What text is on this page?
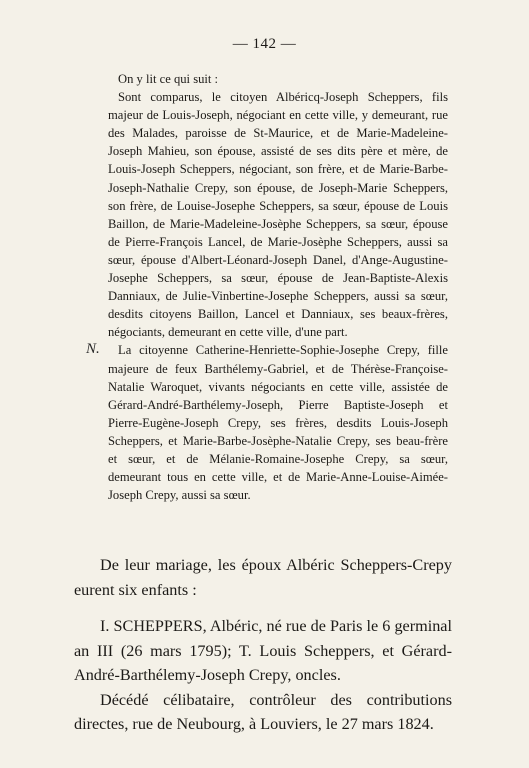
— 142 —

On y lit ce qui suit :

Sont comparus, le citoyen Albéricq-Joseph Scheppers, fils majeur de Louis-Joseph, négociant en cette ville, y demeurant, rue des Malades, paroisse de St-Maurice, et de Marie-Madeleine-Joseph Mahieu, son épouse, assisté de ses dits père et mère, de Louis-Joseph Scheppers, négociant, son frère, et de Marie-Barbe-Joseph-Nathalie Crepy, son épouse, de Joseph-Marie Scheppers, son frère, de Louise-Josephe Scheppers, sa sœur, épouse de Louis Baillon, de Marie-Madeleine-Josèphe Scheppers, sa sœur, épouse de Pierre-François Lancel, de Marie-Josèphe Scheppers, aussi sa sœur, épouse d'Albert-Léonard-Joseph Danel, d'Ange-Augustine-Josephe Scheppers, sa sœur, épouse de Jean-Baptiste-Alexis Danniaux, de Julie-Vinbertine-Josephe Scheppers, aussi sa sœur, desdits citoyens Baillon, Lancel et Danniaux, ses beaux-frères, négociants, demeurant en cette ville, d'une part.

N.	La citoyenne Catherine-Henriette-Sophie-Josephe Crepy, fille majeure de feux Barthélemy-Gabriel, et de Thérèse-Françoise-Natalie Waroquet, vivants négociants en cette ville, assistée de Gérard-André-Barthélemy-Joseph, Pierre Baptiste-Joseph et Pierre-Eugène-Joseph Crepy, ses frères, desdits Louis-Joseph Scheppers, et Marie-Barbe-Josèphe-Natalie Crepy, ses beau-frère et sœur, et de Mélanie-Romaine-Josephe Crepy, sa sœur, demeurant tous en cette ville, et de Marie-Anne-Louise-Aimée-Joseph Crepy, aussi sa sœur.

De leur mariage, les époux Albéric Scheppers-Crepy eurent six enfants :

I. SCHEPPERS, Albéric, né rue de Paris le 6 germinal an III (26 mars 1795); T. Louis Scheppers, et Gérard-André-Barthélemy-Joseph Crepy, oncles.

Décédé célibataire, contrôleur des contributions directes, rue de Neubourg, à Louviers, le 27 mars 1824.
